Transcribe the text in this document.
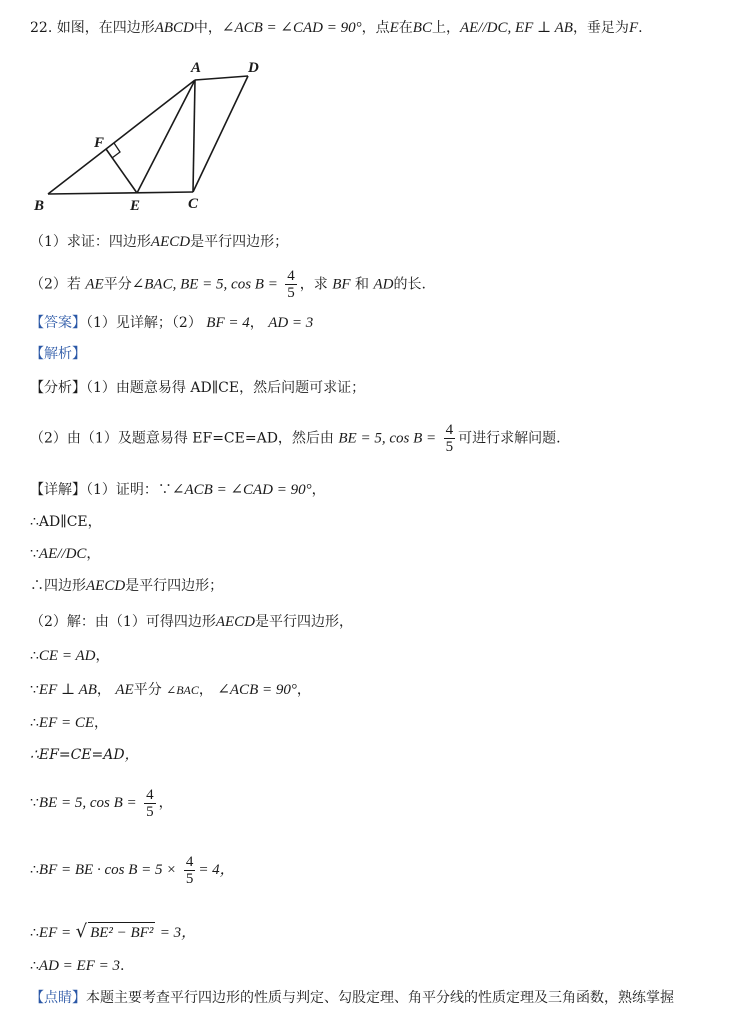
22. 如图，在四边形ABCD中，∠ACB = ∠CAD = 90°，点E在BC上，AE//DC, EF ⊥ AB，垂足为F.
A	D
F
B	E	C
（1）求证：四边形AECD是平行四边形；
（2）若 AE平分∠BAC, BE = 5, $\cos B = \frac{4}{5}$ ，求 BF 和 AD的长.
【答案】（1）见详解；（2） BF = 4， AD = 3
【解析】
【分析】（1）由题意易得 AD∥CE，然后问题可求证；
（2）由（1）及题意易得 EF=CE=AD，然后由 BE = 5, $\cos B = \frac{4}{5}$ 可进行求解问题.
【详解】（1）证明：∵∠ACB = ∠CAD = 90°，
∴AD∥CE，
∵AE//DC，
∴四边形AECD是平行四边形；
（2）解：由（1）可得四边形AECD是平行四边形，
∴CE = AD，
∵EF ⊥ AB， AE平分 ∠BAC， ∠ACB = 90°，
∴EF = CE，
∴EF=CE=AD，
∵BE = 5, $\cos B = \frac{4}{5}$ ，
∴BF = BE · $\cos B = 5 \times \frac{4}{5} = 4$，
∴EF = √ BE² − BF² = 3，
∴AD = EF = 3.
【点睛】本题主要考查平行四边形的性质与判定、勾股定理、角平分线的性质定理及三角函数，熟练掌握
